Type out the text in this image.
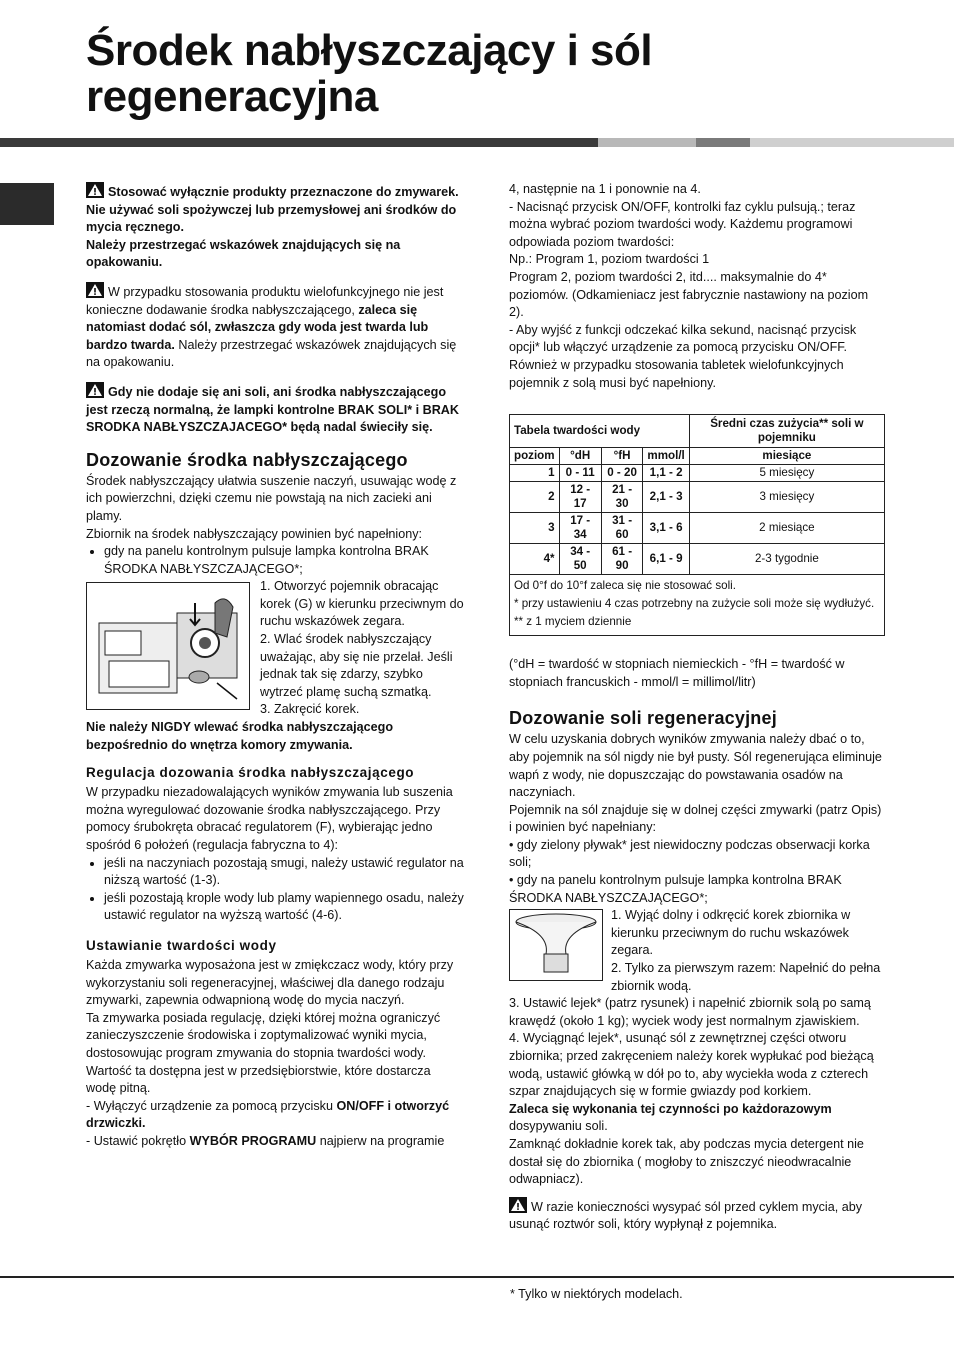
Środek nabłyszczający i sól regeneracyjna

Stosować wyłącznie produkty przeznaczone do zmywarek.

Nie używać soli spożywczej lub przemysłowej ani środków do mycia ręcznego.

Należy przestrzegać wskazówek znajdujących się na opakowaniu.

W przypadku stosowania produktu wielofunkcyjnego nie jest konieczne dodawanie środka nabłyszczającego, zaleca się natomiast dodać sól, zwłaszcza gdy woda jest twarda lub bardzo twarda. Należy przestrzegać wskazówek znajdujących się na opakowaniu.

Gdy nie dodaje się ani soli, ani środka nabłyszczającego jest rzeczą normalną, że lampki kontrolne BRAK SOLI* i BRAK SRODKA NABŁYSZCZAJACEGO* będą nadal świeciły się.

Dozowanie środka nabłyszczającego

Środek nabłyszczający ułatwia suszenie naczyń, usuwając wodę z ich powierzchni, dzięki czemu nie powstają na nich zacieki ani plamy.

Zbiornik na środek nabłyszczający powinien być napełniony:

• gdy na panelu kontrolnym pulsuje lampka kontrolna BRAK ŚRODKA NABŁYSZCZAJĄCEGO*;

1. Otworzyć pojemnik obracając korek (G) w kierunku przeciwnym do ruchu wskazówek zegara.

2. Wlać środek nabłyszczający uważając, aby się nie przelał. Jeśli jednak tak się zdarzy, szybko wytrzeć plamę suchą szmatką.

3. Zakręcić korek.

Nie należy NIGDY wlewać środka nabłyszczającego bezpośrednio do wnętrza komory zmywania.

Regulacja dozowania środka nabłyszczającego

W przypadku niezadowalających wyników zmywania lub suszenia można wyregulować dozowanie środka nabłyszczającego. Przy pomocy śrubokręta obracać regulatorem (F), wybierając jedno spośród 6 położeń (regulacja fabryczna to 4):

• jeśli na naczyniach pozostają smugi, należy ustawić regulator na niższą wartość (1-3).
• jeśli pozostają krople wody lub plamy wapiennego osadu, należy ustawić regulator na wyższą wartość (4-6).

Ustawianie twardości wody

Każda zmywarka wyposażona jest w zmiękczacz wody, który przy wykorzystaniu soli regeneracyjnej, właściwej dla danego rodzaju zmywarki, zapewnia odwapnioną wodę do mycia naczyń.

Ta zmywarka posiada regulację, dzięki której można ograniczyć zanieczyszczenie środowiska i zoptymalizować wyniki mycia, dostosowując program zmywania do stopnia twardości wody. Wartość ta dostępna jest w przedsiębiorstwie, które dostarcza wodę pitną.

- Wyłączyć urządzenie za pomocą przycisku ON/OFF i otworzyć drzwiczki.

- Ustawić pokrętło WYBÓR PROGRAMU najpierw na programie

4, następnie na 1 i ponownie na 4.

- Nacisnąć przycisk ON/OFF, kontrolki faz cyklu pulsują.; teraz można wybrać poziom twardości wody. Każdemu programowi odpowiada poziom twardości:

Np.: Program 1, poziom twardości 1

Program 2, poziom twardości 2, itd.... maksymalnie do 4* poziomów. (Odkamieniacz jest fabrycznie nastawiony na poziom 2).

- Aby wyjść z funkcji odczekać kilka sekund, nacisnąć przycisk opcji* lub włączyć urządzenie za pomocą przycisku ON/OFF.

Również w przypadku stosowania tabletek wielofunkcyjnych pojemnik z solą musi być napełniony.

Tabela twardości wody				Średni czas zużycia** soli w pojemniku
poziom	°dH	°fH	mmol/l	miesiące
1	0 - 11	0 - 20	1,1 - 2	5 miesięcy
2	12 - 17	21 - 30	2,1 - 3	3 miesięcy
3	17 - 34	31 - 60	3,1 - 6	2 miesiące
4*	34 - 50	61 - 90	6,1 - 9	2-3 tygodnie

Od 0°f do 10°f zaleca się nie stosować soli.
* przy ustawieniu 4 czas potrzebny na zużycie soli może się wydłużyć.
** z 1 myciem dziennie				

(°dH = twardość w stopniach niemieckich - °fH = twardość w stopniach francuskich - mmol/l = millimol/litr)

Dozowanie soli regeneracyjnej

W celu uzyskania dobrych wyników zmywania należy dbać o to, aby pojemnik na sól nigdy nie był pusty. Sól regenerująca eliminuje wapń z wody, nie dopuszczając do powstawania osadów na naczyniach.

Pojemnik na sól znajduje się w dolnej części zmywarki (patrz Opis) i powinien być napełniany:

• gdy zielony pływak* jest niewidoczny podczas obserwacji korka soli;

• gdy na panelu kontrolnym pulsuje lampka kontrolna BRAK ŚRODKA NABŁYSZCZAJĄCEGO*;

1. Wyjąć dolny i odkręcić korek zbiornika w kierunku przeciwnym do ruchu wskazówek zegara.

2. Tylko za pierwszym razem: Napełnić do pełna zbiornik wodą.

3. Ustawić lejek* (patrz rysunek) i napełnić zbiornik solą po samą krawędź (około 1 kg); wyciek wody jest normalnym zjawiskiem.

4. Wyciągnąć lejek*, usunąć sól z zewnętrznej części otworu zbiornika; przed zakręceniem należy korek wypłukać pod bieżącą wodą, ustawić główką w dół po to, aby wyciekła woda z czterech szpar znajdujących się w formie gwiazdy pod korkiem.

Zaleca się wykonania tej czynności po każdorazowym

dosypywaniu soli.

Zamknąć dokładnie korek tak, aby podczas mycia detergent nie dostał się do zbiornika ( mogłoby to zniszczyć nieodwracalnie odwapniacz).

W razie konieczności wysypać sól przed cyklem mycia, aby usunąć roztwór soli, który wypłynął z pojemnika.

* Tylko w niektórych modelach.
